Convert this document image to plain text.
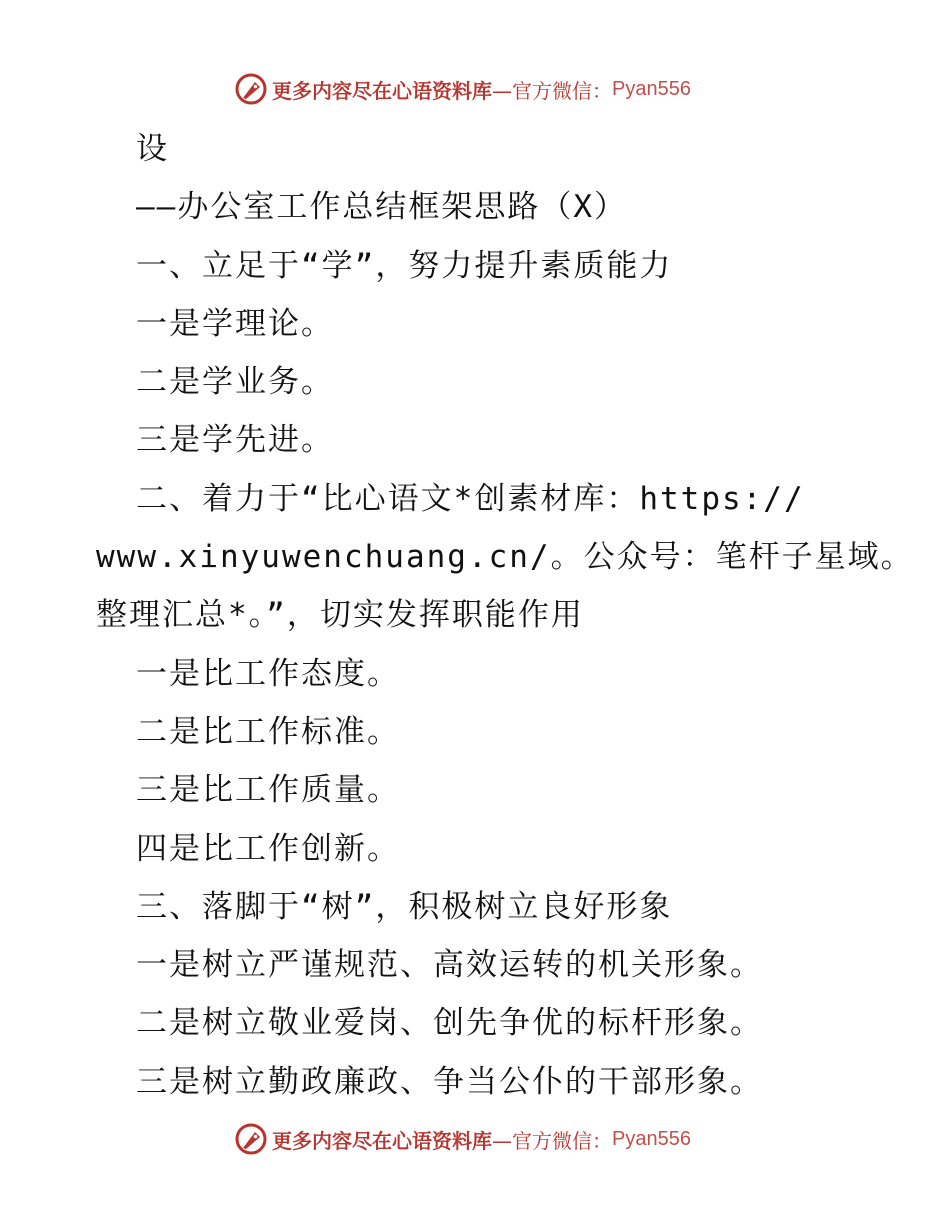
更多内容尽在心语资料库 —官方微信： Pyan556
设
——办公室工作总结框架思路（X）
一、立足于“学”，努力提升素质能力
一是学理论。
二是学业务。
三是学先进。
二、着力于“比心语文*创素材库：https://
www.xinyuwenchuang.cn/。公众号：笔杆子星域。
整理汇总*。”，切实发挥职能作用
一是比工作态度。
二是比工作标准。
三是比工作质量。
四是比工作创新。
三、落脚于“树”，积极树立良好形象
一是树立严谨规范、高效运转的机关形象。
二是树立敬业爱岗、创先争优的标杆形象。
三是树立勤政廉政、争当公仆的干部形象。
更多内容尽在心语资料库 —官方微信： Pyan556
